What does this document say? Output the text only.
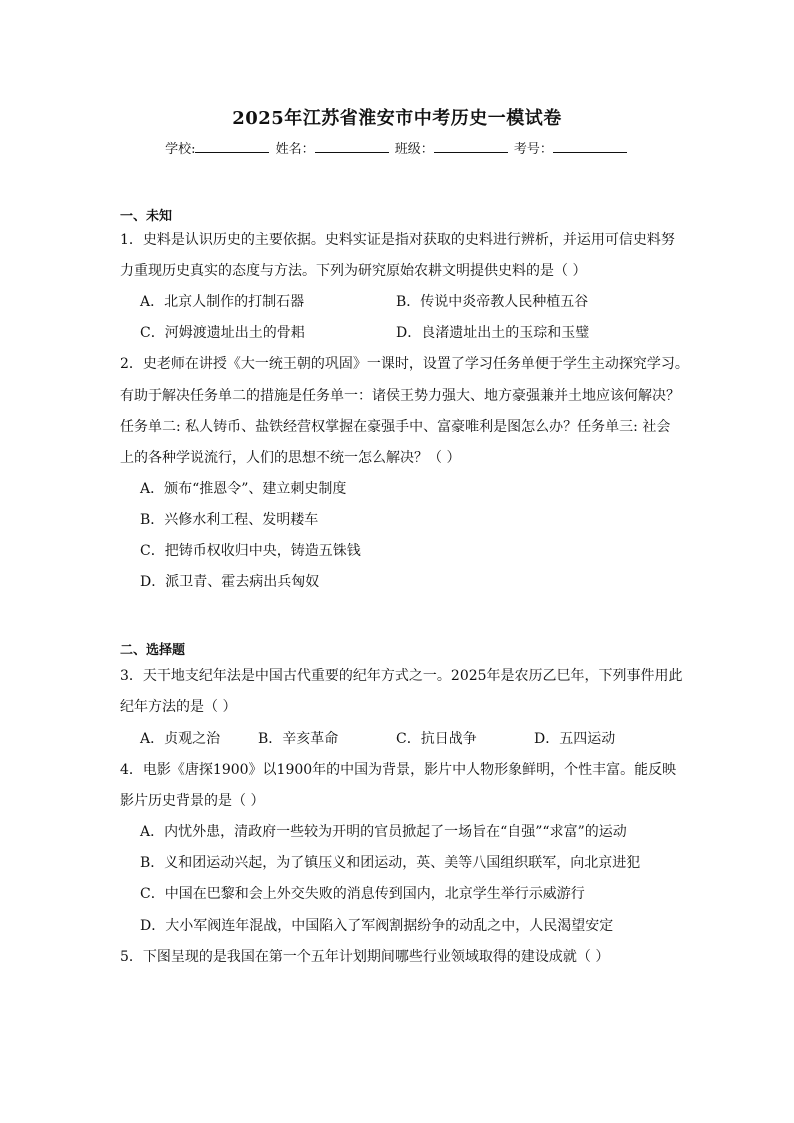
2025年江苏省淮安市中考历史一模试卷
学校:	姓名：	班级：	考号：
一、未知
1．史料是认识历史的主要依据。史料实证是指对获取的史料进行辨析，并运用可信史料努
力重现历史真实的态度与方法。下列为研究原始农耕文明提供史料的是（ ）
A．北京人制作的打制石器	B．传说中炎帝教人民种植五谷
C．河姆渡遗址出土的骨耜	D．良渚遗址出土的玉琮和玉璧
2．史老师在讲授《大一统王朝的巩固》一课时，设置了学习任务单便于学生主动探究学习。
有助于解决任务单二的措施是任务单一：诸侯王势力强大、地方豪强兼并土地应该何解决？
任务单二: 私人铸币、盐铁经营权掌握在豪强手中、富豪唯利是图怎么办？任务单三: 社会
上的各种学说流行，人们的思想不统一怎么解决？（ ）
A．颁布“推恩令”、建立刺史制度
B．兴修水利工程、发明耧车
C．把铸币权收归中央，铸造五铢钱
D．派卫青、霍去病出兵匈奴
二、选择题
3．天干地支纪年法是中国古代重要的纪年方式之一。2025年是农历乙巳年，下列事件用此
纪年方法的是（ ）
A．贞观之治	B．辛亥革命	C．抗日战争	D．五四运动
4．电影《唐探1900》以1900年的中国为背景，影片中人物形象鲜明，个性丰富。能反映
影片历史背景的是（ ）
A．内忧外患，清政府一些较为开明的官员掀起了一场旨在“自强”“求富”的运动
B．义和团运动兴起，为了镇压义和团运动，英、美等八国组织联军，向北京进犯
C．中国在巴黎和会上外交失败的消息传到国内，北京学生举行示威游行
D．大小军阀连年混战，中国陷入了军阀割据纷争的动乱之中，人民渴望安定
5．下图呈现的是我国在第一个五年计划期间哪些行业领域取得的建设成就（ ）
